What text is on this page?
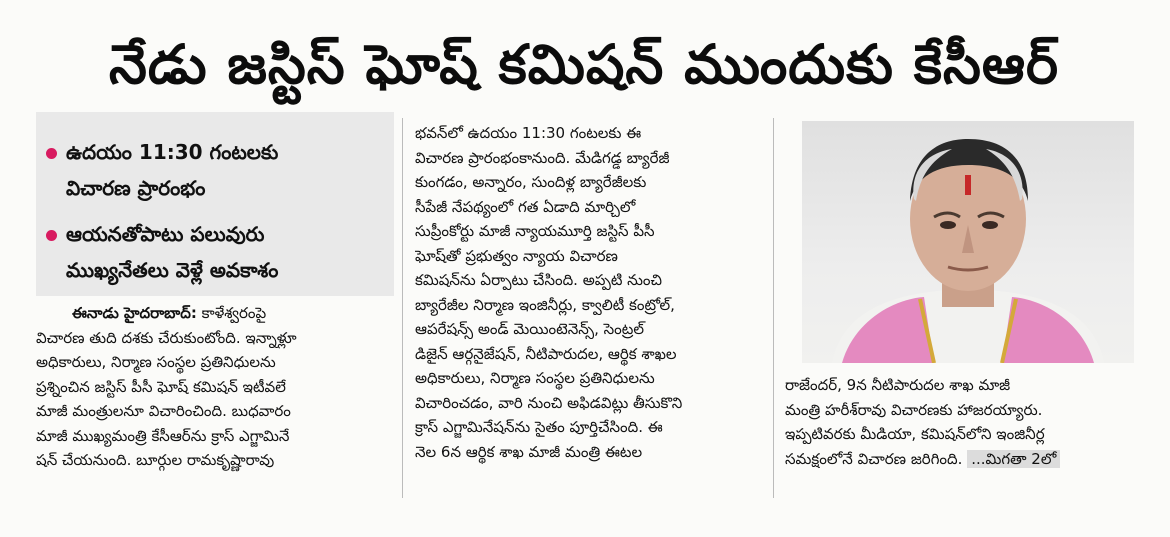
నేడు జస్టిస్ ఘోష్ కమిషన్ ముందుకు కేసీఆర్
ఉదయం 11:30 గంటలకు
విచారణ ప్రారంభం
ఆయనతోపాటు పలువురు
ముఖ్యనేతలు వెళ్లే అవకాశం

ఈనాడు హైదరాబాద్: కాళేశ్వరంపై

విచారణ తుది దశకు చేరుకుంటోంది. ఇన్నాళ్లూ

అధికారులు, నిర్మాణ సంస్థల ప్రతినిధులను

ప్రశ్నించిన జస్టిస్ పీసీ ఘోష్ కమిషన్ ఇటీవలే

మాజీ మంత్రులనూ విచారించింది. బుధవారం

మాజీ ముఖ్యమంత్రి కేసీఆర్‌ను క్రాస్ ఎగ్జామినే

షన్ చేయనుంది. బూర్గుల రామకృష్ణారావు

భవన్‌లో ఉదయం 11:30 గంటలకు ఈ

విచారణ ప్రారంభంకానుంది. మేడిగడ్డ బ్యారేజీ

కుంగడం, అన్నారం, సుందిళ్ల బ్యారేజీలకు

సీపేజీ నేపథ్యంలో గత ఏడాది మార్చిలో

సుప్రీంకోర్టు మాజీ న్యాయమూర్తి జస్టిస్ పీసీ

ఘోష్‌తో ప్రభుత్వం న్యాయ విచారణ

కమిషన్‌ను ఏర్పాటు చేసింది. అప్పటి నుంచి

బ్యారేజీల నిర్మాణ ఇంజినీర్లు, క్వాలిటీ కంట్రోల్,

ఆపరేషన్స్ అండ్ మెయింటెనెన్స్, సెంట్రల్

డిజైన్ ఆర్గనైజేషన్, నీటిపారుదల, ఆర్థిక శాఖల

అధికారులు, నిర్మాణ సంస్థల ప్రతినిధులను

విచారించడం, వారి నుంచి అఫిడవిట్లు తీసుకొని

క్రాస్ ఎగ్జామినేషన్‌ను సైతం పూర్తిచేసింది. ఈ

నెల 6న ఆర్థిక శాఖ మాజీ మంత్రి ఈటల

రాజేందర్, 9న నీటిపారుదల శాఖ మాజీ

మంత్రి హరీశ్‌రావు విచారణకు హాజరయ్యారు.

ఇప్పటివరకు మీడియా, కమిషన్‌లోని ఇంజినీర్ల

సమక్షంలోనే విచారణ జరిగింది. ...మిగతా 2లో
